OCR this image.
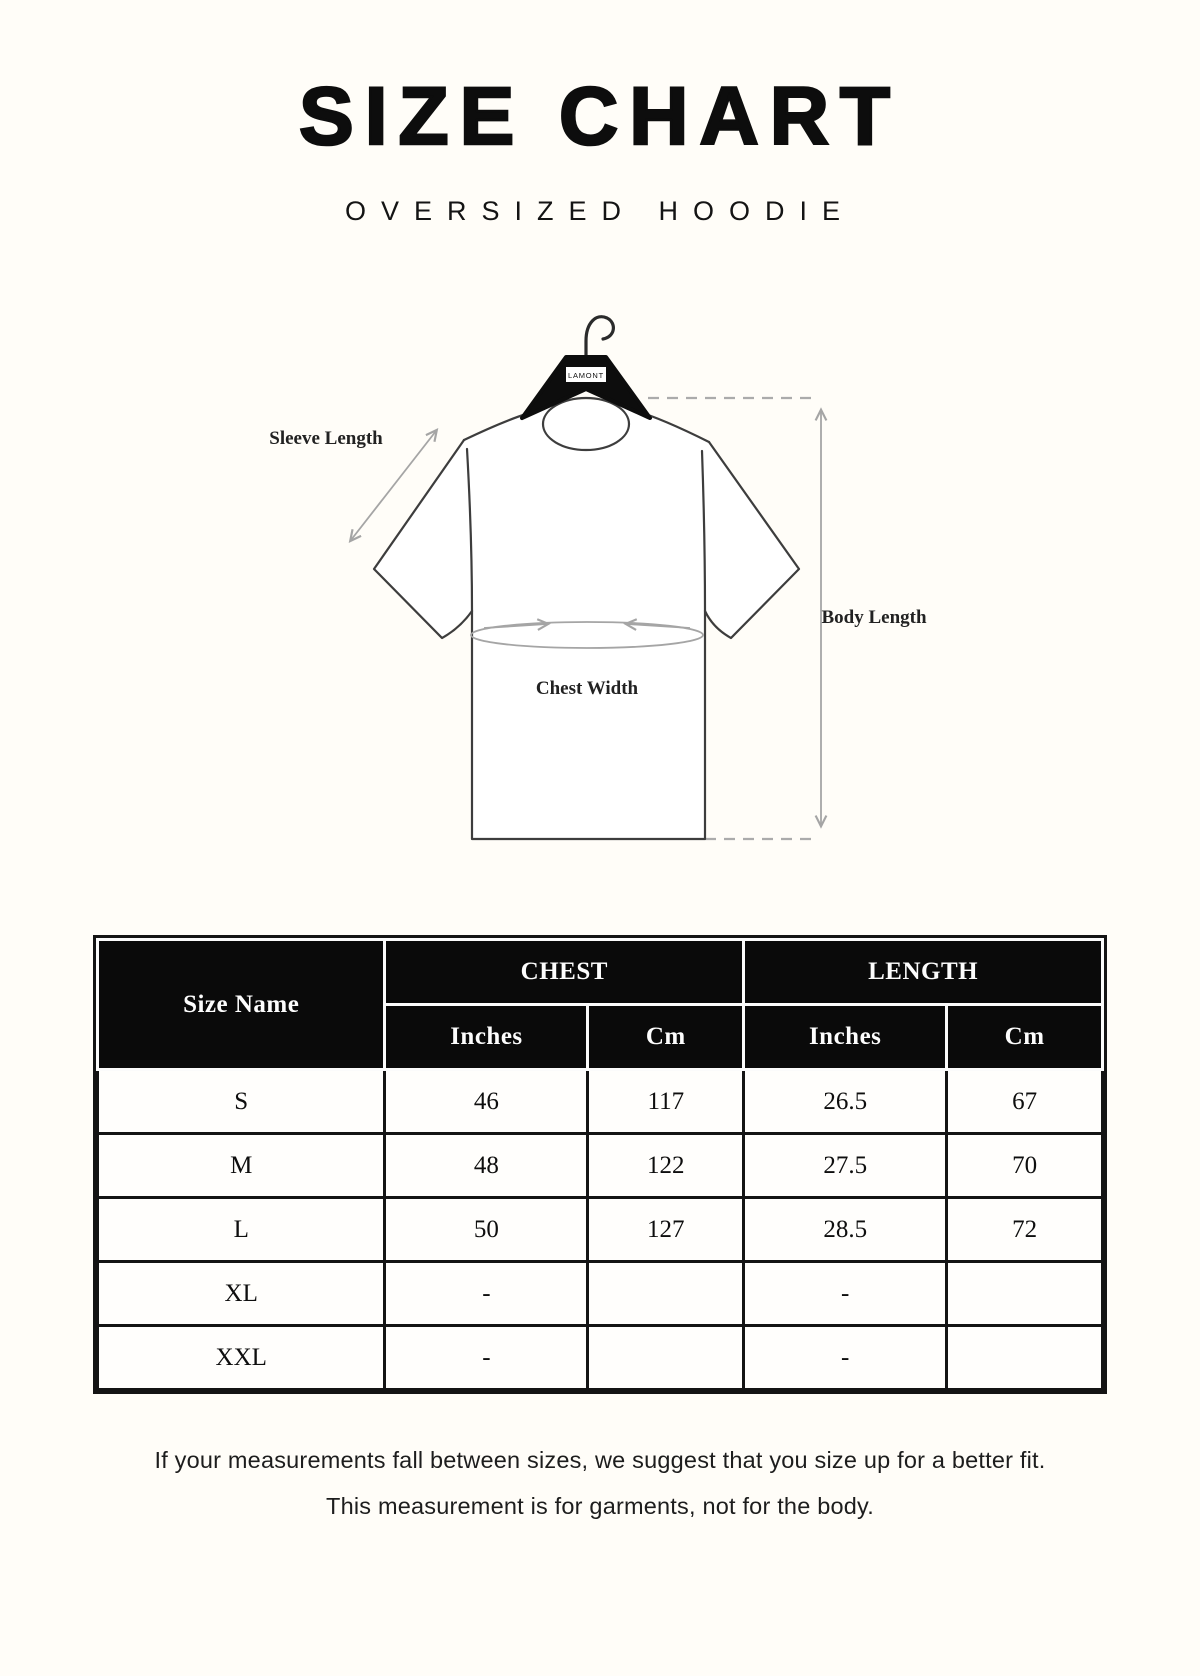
SIZE CHART
OVERSIZED HOODIE
LAMONT
Sleeve Length
Body Length
Chest Width
Size Name	CHEST		LENGTH	
	Inches	Cm	Inches	Cm
S	46	117	26.5	67
M	48	122	27.5	70
L	50	127	28.5	72
XL	-		-	
XXL	-		-	
If your measurements fall between sizes, we suggest that you size up for a better fit.
This measurement is for garments, not for the body.
